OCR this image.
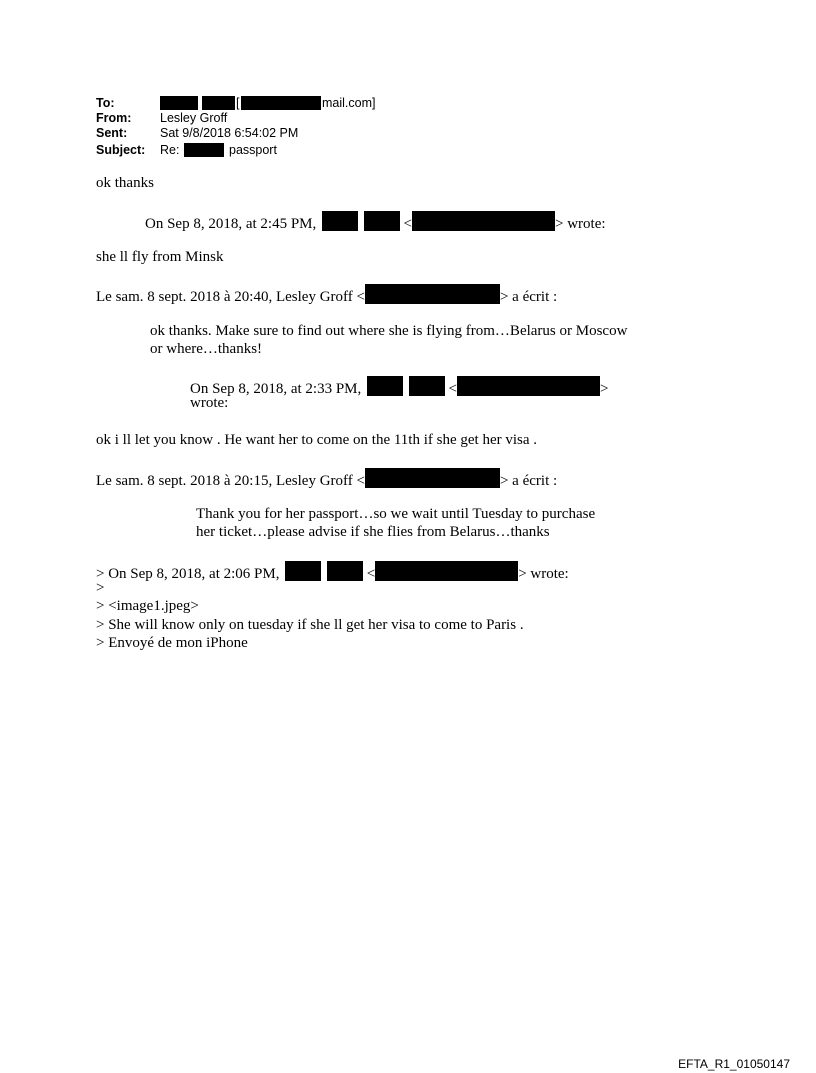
To:	[	mail.com]
From: Lesley Groff
Sent:	Sat 9/8/2018 6:54:02 PM
Subject: Re:	passport
ok thanks
On Sep 8, 2018, at 2:45 PM,	<	> wrote:
she ll fly from Minsk
Le sam. 8 sept. 2018 à 20:40, Lesley Groff <	> a écrit :
ok thanks. Make sure to find out where she is flying from…Belarus or Moscow
or where…thanks!
On Sep 8, 2018, at 2:33 PM,	<	>
wrote:
ok i ll let you know . He want her to come on the 11th if she get her visa .
Le sam. 8 sept. 2018 à 20:15, Lesley Groff <	> a écrit :
Thank you for her passport…so we wait until Tuesday to purchase
her ticket…please advise if she flies from Belarus…thanks
> On Sep 8, 2018, at 2:06 PM,	<	> wrote:
>
> <image1.jpeg>
> She will know only on tuesday if she ll get her visa to come to Paris .
> Envoyé de mon iPhone
EFTA_R1_01050147
